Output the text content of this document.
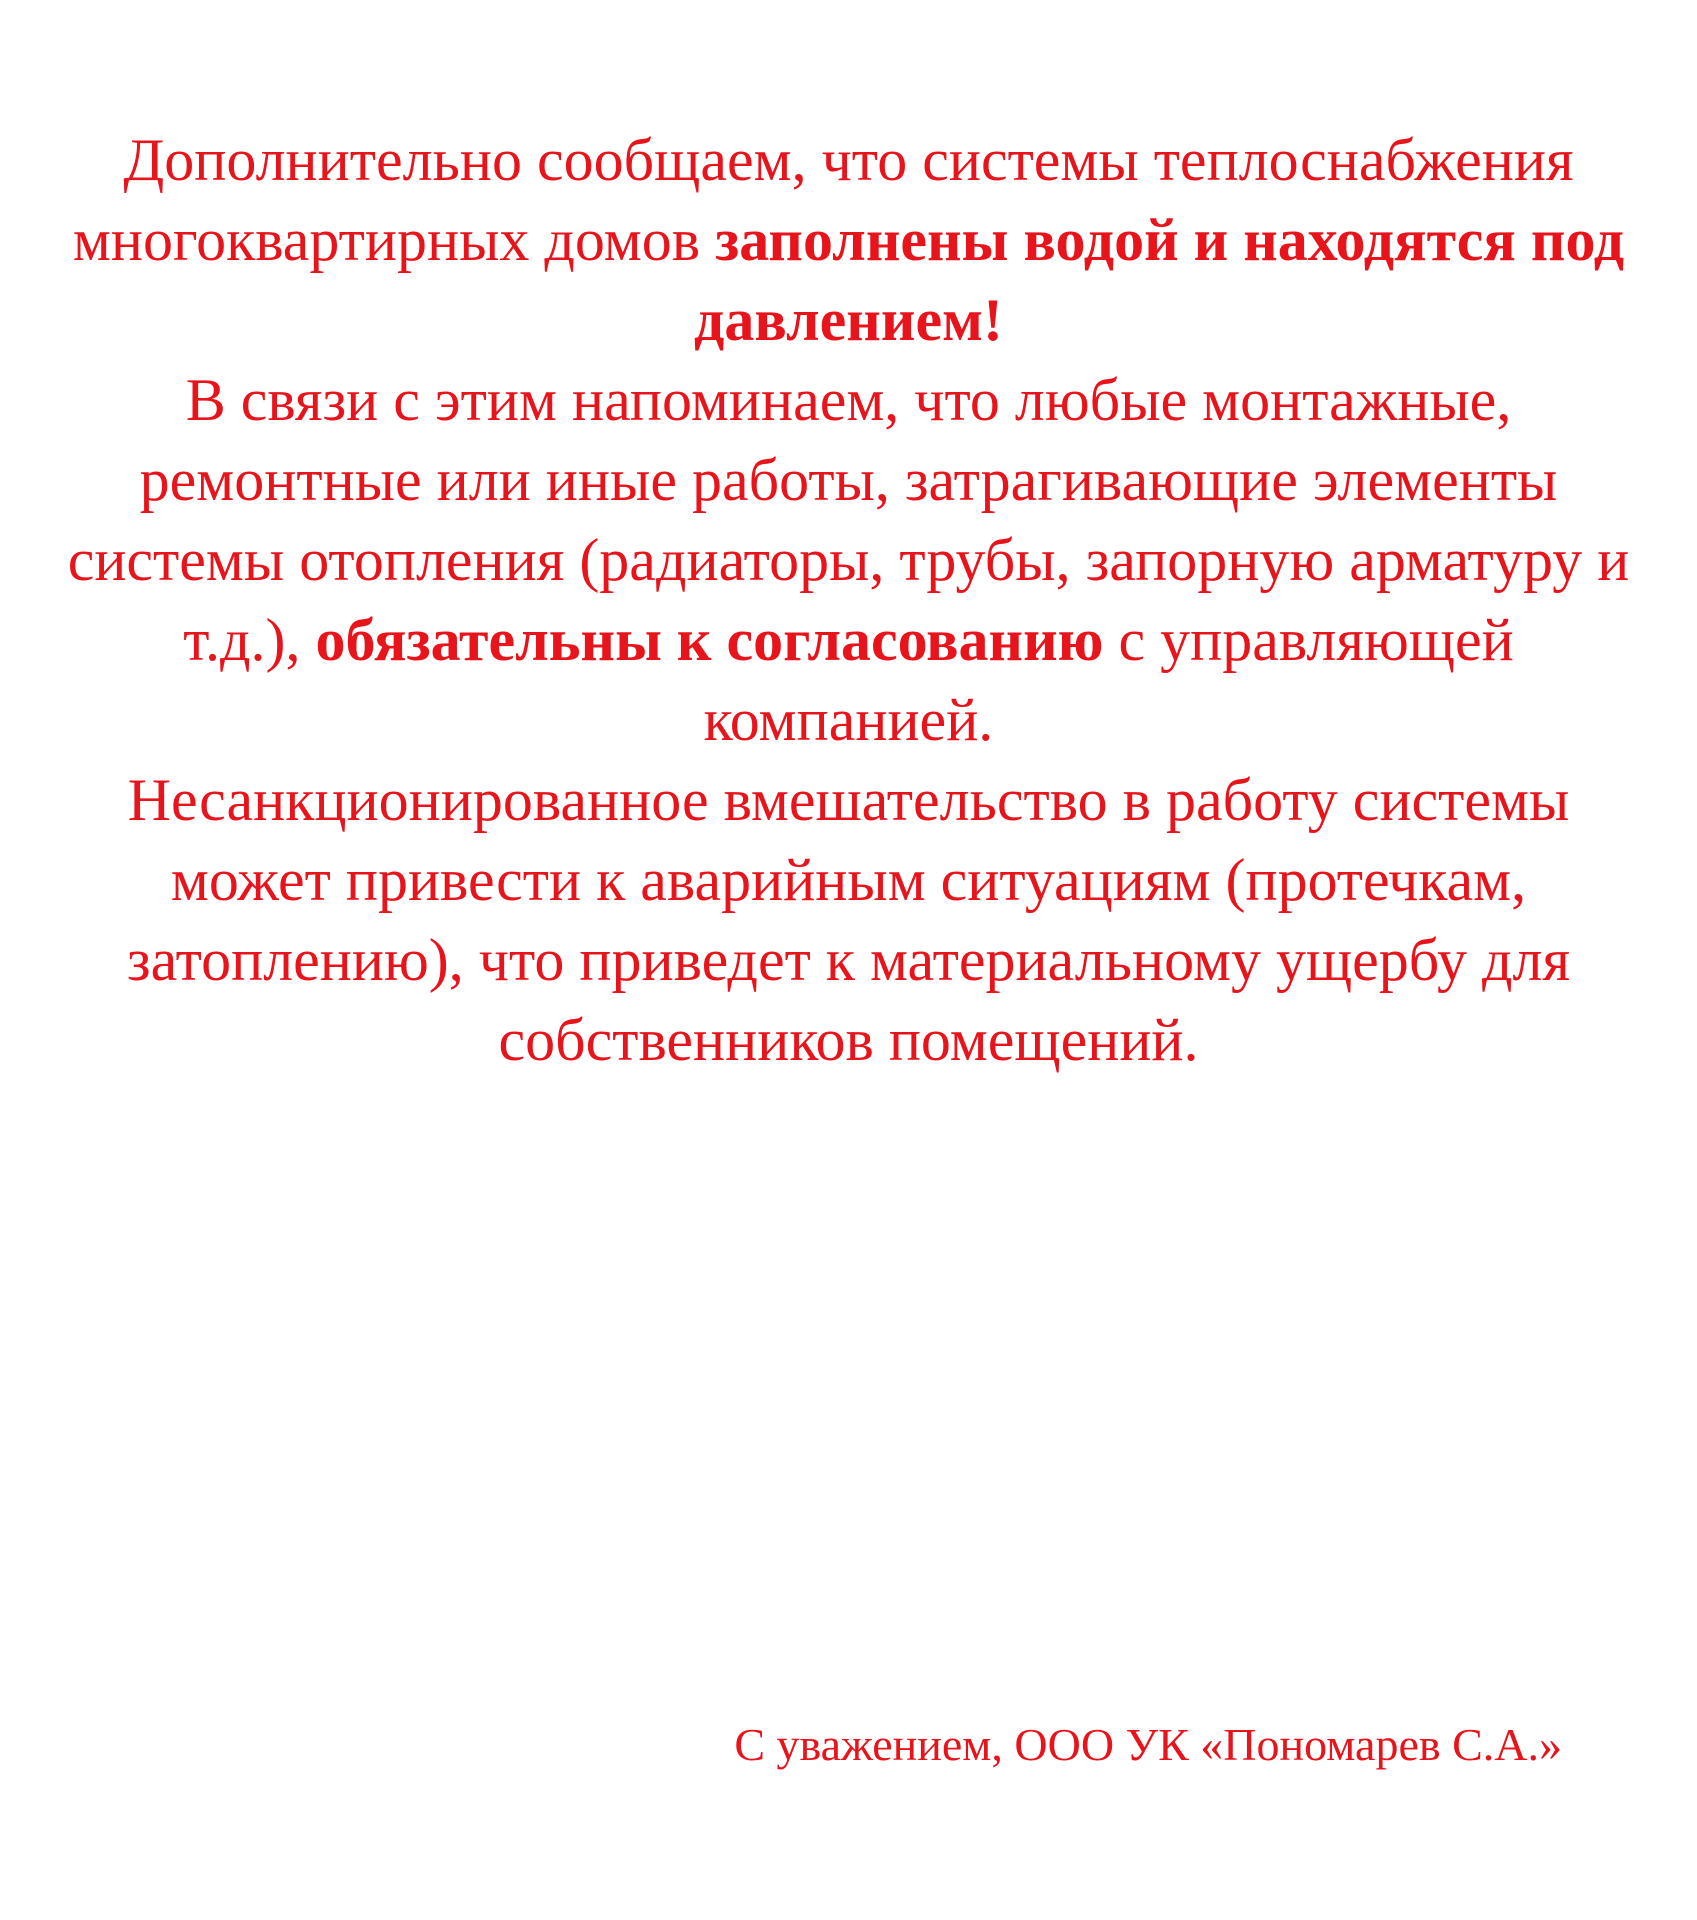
Дополнительно сообщаем, что системы теплоснабжения многоквартирных домов заполнены водой и находятся под давлением!

В связи с этим напоминаем, что любые монтажные, ремонтные или иные работы, затрагивающие элементы системы отопления (радиаторы, трубы, запорную арматуру и т.д.), обязательны к согласованию с управляющей компанией.

Несанкционированное вмешательство в работу системы может привести к аварийным ситуациям (протечкам, затоплению), что приведет к материальному ущербу для собственников помещений.

С уважением, ООО УК «Пономарев С.А.»
